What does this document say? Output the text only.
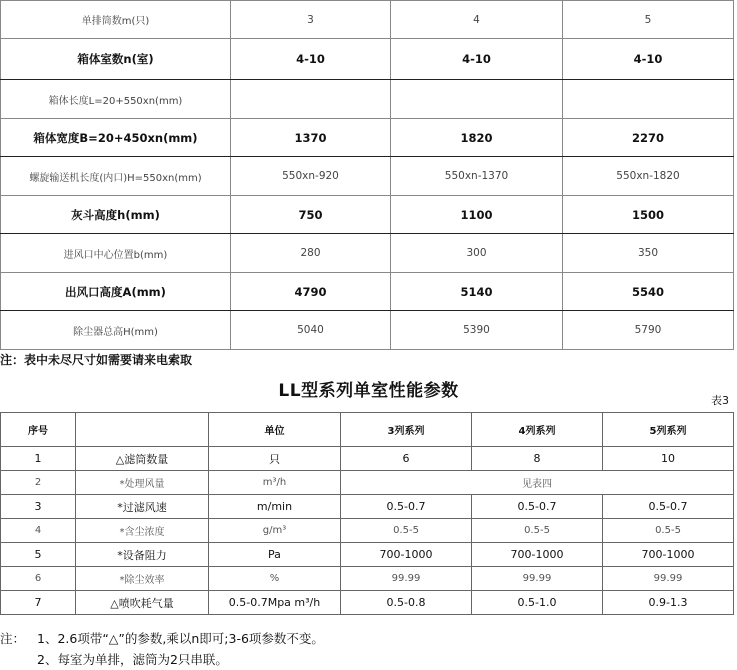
单排筒数m(只)	3	4	5
箱体室数n(室)	4-10	4-10	4-10
箱体长度L=20+550xn(mm)			
箱体宽度B=20+450xn(mm)	1370	1820	2270
螺旋输送机长度(内口)H=550xn(mm)	550xn-920	550xn-1370	550xn-1820
灰斗高度h(mm)	750	1100	1500
进风口中心位置b(mm)	280	300	350
出风口高度A(mm)	4790	5140	5540
除尘器总高H(mm)	5040	5390	5790

注：表中未尽尺寸如需要请来电索取

LL型系列单室性能参数	表3
序号		单位	3列系列	4列系列	5列系列
1	△滤筒数量	只	6	8	10
2	*处理风量	m³/h	见表四		
3	*过滤风速	m/min	0.5-0.7	0.5-0.7	0.5-0.7
4	*含尘浓度	g/m³	0.5-5	0.5-5	0.5-5
5	*设备阻力	Pa	700-1000	700-1000	700-1000
6	*除尘效率	%	99.99	99.99	99.99
7	△喷吹耗气量	0.5-0.7Mpa m³/h	0.5-0.8	0.5-1.0	0.9-1.3
注： 1、2.6项带“△”的参数,乘以n即可;3-6项参数不变。
2、每室为单排，滤筒为2只串联。
